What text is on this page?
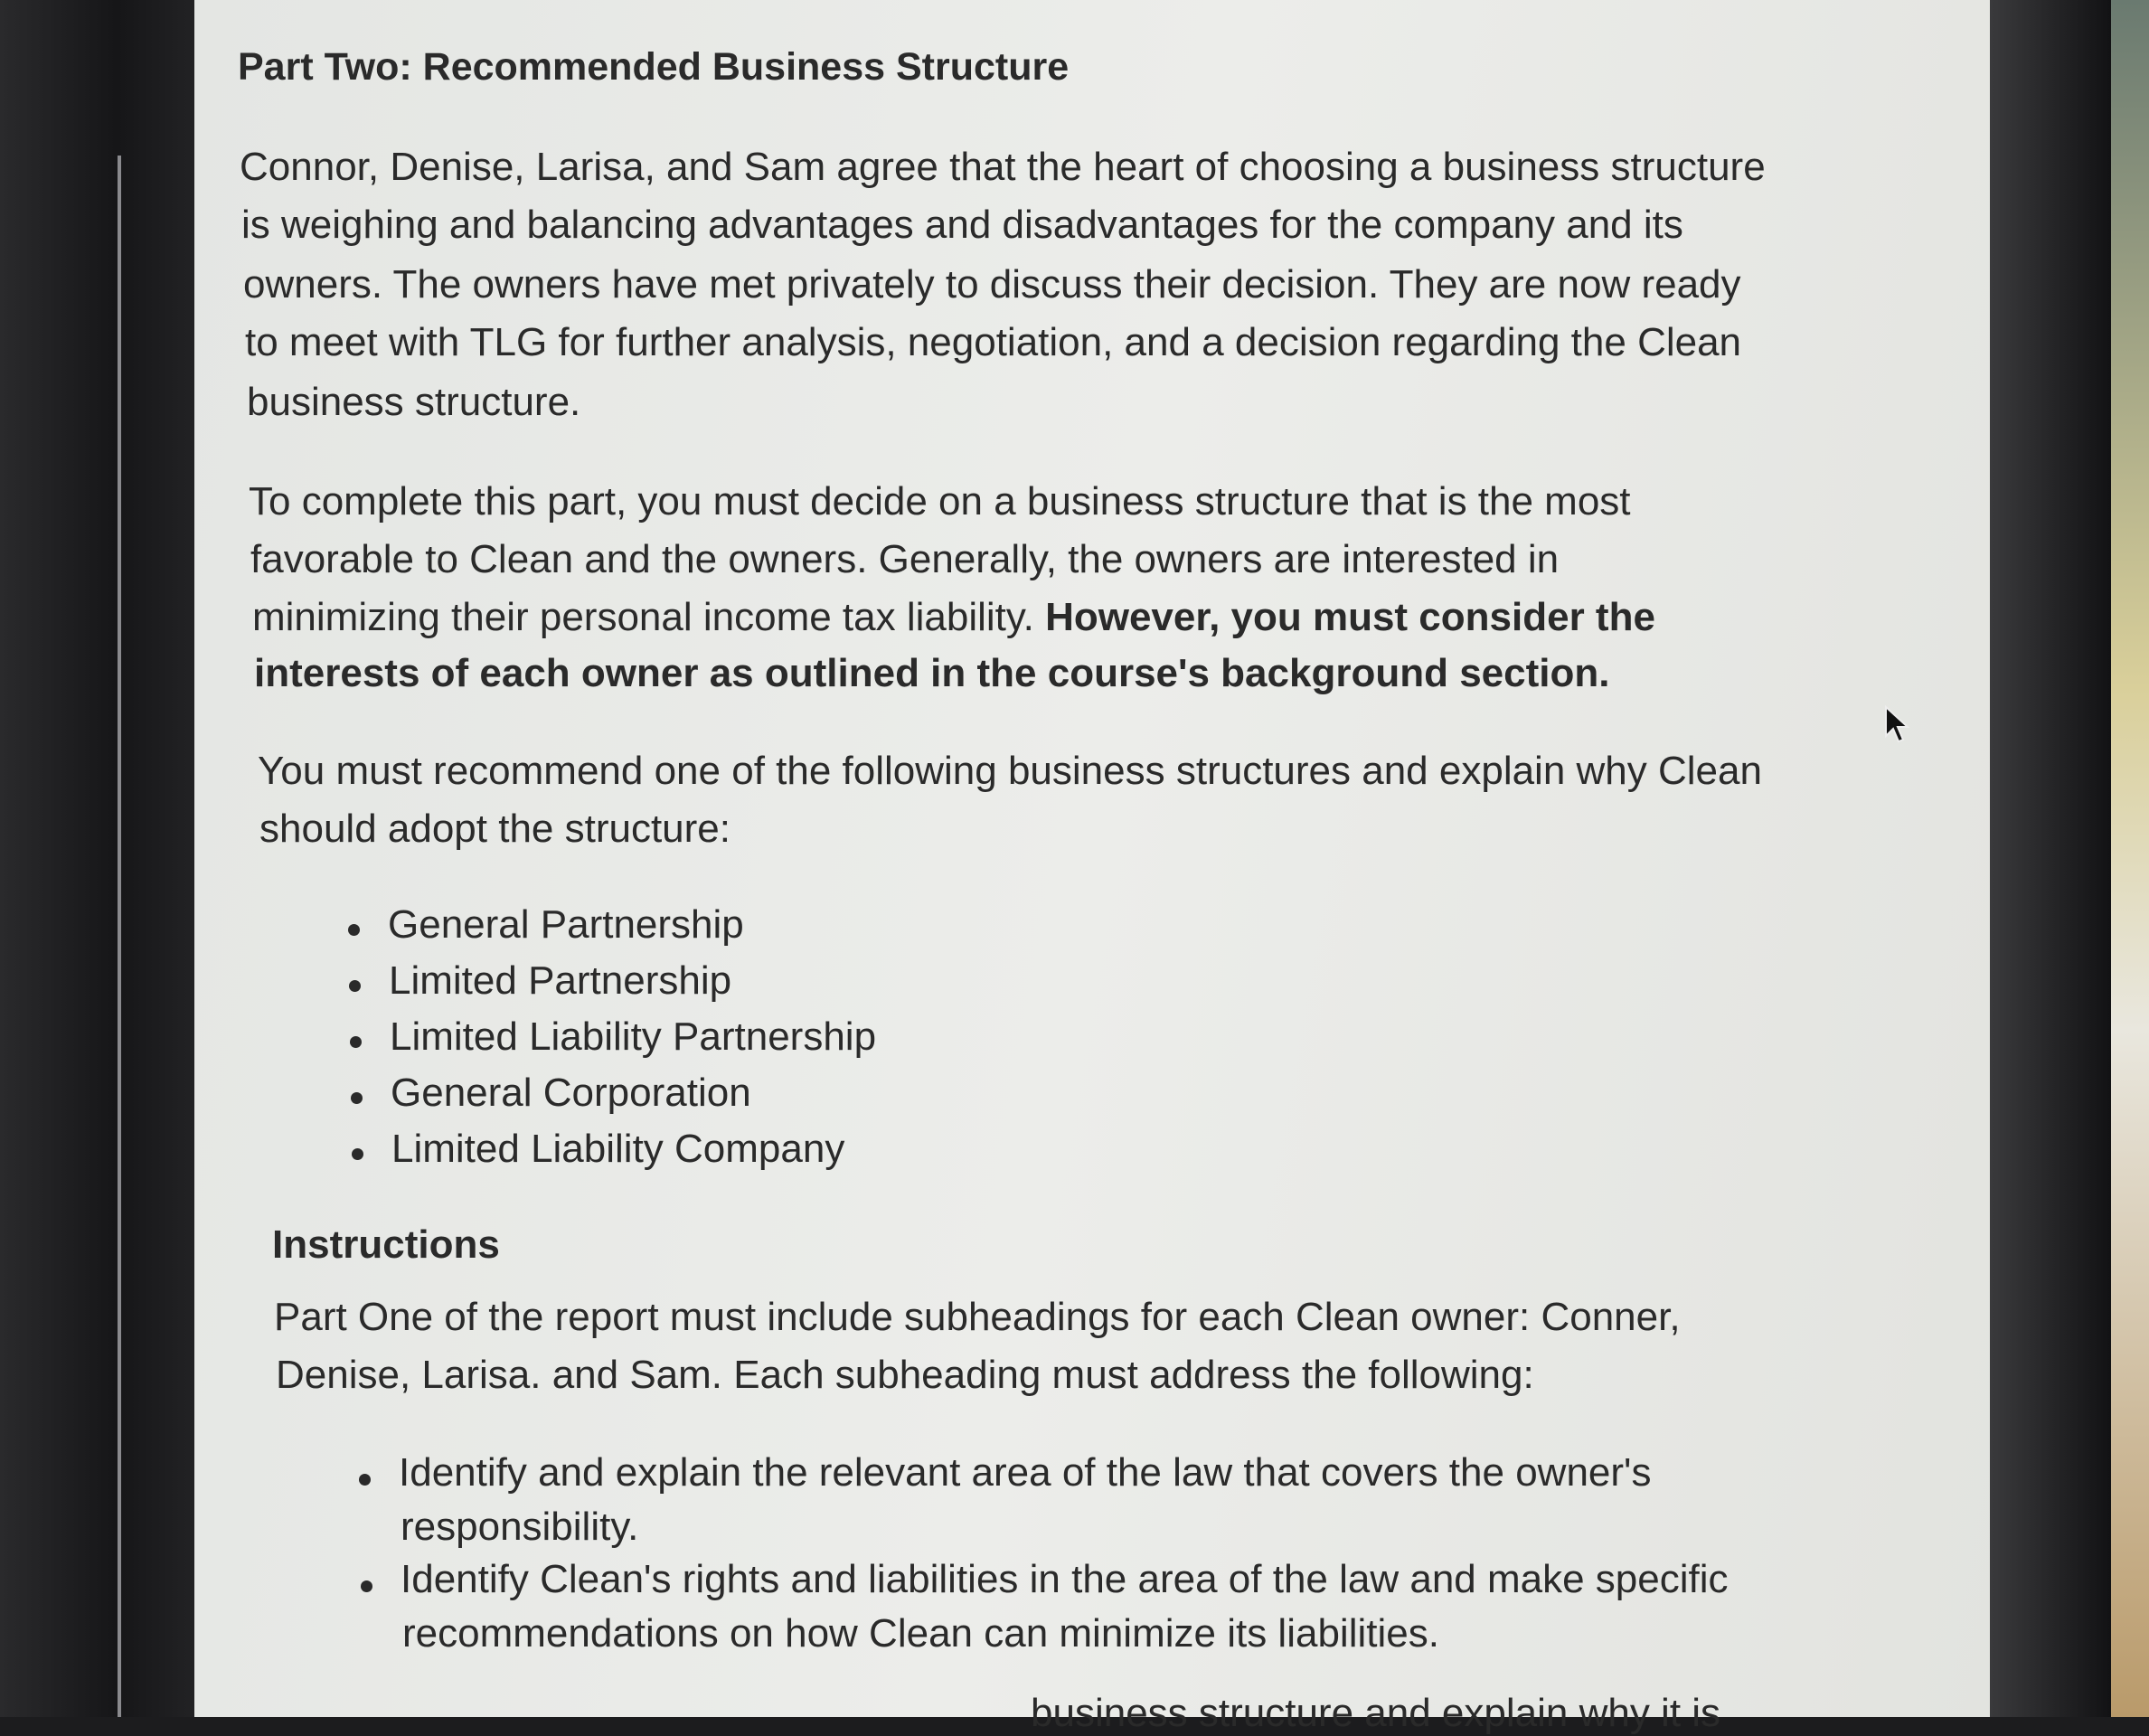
Part Two: Recommended Business Structure
Connor, Denise, Larisa, and Sam agree that the heart of choosing a business structure
is weighing and balancing advantages and disadvantages for the company and its
owners. The owners have met privately to discuss their decision. They are now ready
to meet with TLG for further analysis, negotiation, and a decision regarding the Clean
business structure.
To complete this part, you must decide on a business structure that is the most
favorable to Clean and the owners. Generally, the owners are interested in
minimizing their personal income tax liability. However, you must consider the
interests of each owner as outlined in the course's background section.
You must recommend one of the following business structures and explain why Clean
should adopt the structure:
General Partnership
Limited Partnership
Limited Liability Partnership
General Corporation
Limited Liability Company
Instructions
Part One of the report must include subheadings for each Clean owner: Conner,
Denise, Larisa. and Sam. Each subheading must address the following:
Identify and explain the relevant area of the law that covers the owner's
responsibility.
Identify Clean's rights and liabilities in the area of the law and make specific
recommendations on how Clean can minimize its liabilities.
business structure and explain why it is
